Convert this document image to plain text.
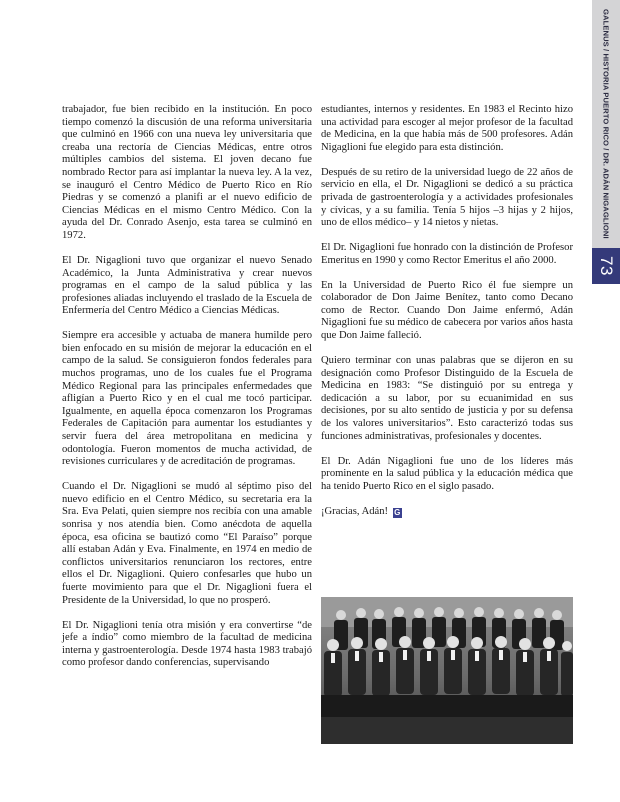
GALENUS / HISTORIA PUERTO RICO / DR. ADÁN NIGAGLIONI
73

trabajador, fue bien recibido en la institución. En poco tiempo comenzó la discusión de una reforma universitaria que culminó en 1966 con una nueva ley universitaria que creaba una rectoría de Ciencias Médicas, entre otros múltiples cambios del sistema. El joven decano fue nombrado Rector para así implantar la nueva ley. A la vez, se inauguró el Centro Médico de Puerto Rico en Río Piedras y se comenzó a planifi ar el nuevo edificio de Ciencias Médicas en el mismo Centro Médico. Con la ayuda del Dr. Conrado Asenjo, esta tarea se culminó en 1972.

El Dr. Nigaglioni tuvo que organizar el nuevo Senado Académico, la Junta Administrativa y crear nuevos programas en el campo de la salud pública y las profesiones aliadas incluyendo el traslado de la Escuela de Enfermería del Centro Médico a Ciencias Médicas.

Siempre era accesible y actuaba de manera humilde pero bien enfocado en su misión de mejorar la educación en el campo de la salud. Se consiguieron fondos federales para muchos programas, uno de los cuales fue el Programa Médico Regional para las principales enfermedades que afligían a Puerto Rico y en el cual me tocó participar. Igualmente, en aquella época comenzaron los Programas Federales de Capitación para aumentar los estudiantes y servir fuera del área metropolitana en medicina y odontología. Fueron momentos de mucha actividad, de revisiones curriculares y de acreditación de programas.

Cuando el Dr. Nigaglioni se mudó al séptimo piso del nuevo edificio en el Centro Médico, su secretaria era la Sra. Eva Pelati, quien siempre nos recibía con una amable sonrisa y nos atendía bien. Como anécdota de aquella época, esa oficina se bautizó como “El Paraíso” porque allí estaban Adán y Eva. Finalmente, en 1974 en medio de conflictos universitarios renunciaron los rectores, entre ellos el Dr. Nigaglioni. Quiero confesarles que hubo un fuerte movimiento para que el Dr. Nigaglioni fuera el Presidente de la Universidad, lo que no prosperó.

El Dr. Nigaglioni tenía otra misión y era convertirse “de jefe a índio” como miembro de la facultad de medicina interna y gastroenterología. Desde 1974 hasta 1983 trabajó como profesor dando conferencias, supervisando

estudiantes, internos y residentes. En 1983 el Recinto hizo una actividad para escoger al mejor profesor de la facultad de Medicina, en la que había más de 500 profesores. Adán Nigaglioni fue elegido para esta distinción.

Después de su retiro de la universidad luego de 22 años de servicio en ella, el Dr. Nigaglioni se dedicó a su práctica privada de gastroenterología y a actividades profesionales y cívicas, y a su familia. Tenía 5 hijos –3 hijas y 2 hijos, uno de ellos médico– y 14 nietos y nietas.

El Dr. Nigaglioni fue honrado con la distinción de Profesor Emeritus en 1990 y como Rector Emeritus el año 2000.

En la Universidad de Puerto Rico él fue siempre un colaborador de Don Jaime Benítez, tanto como Decano como de Rector. Cuando Don Jaime enfermó, Adán Nigaglioni fue su médico de cabecera por varios años hasta que Don Jaime falleció.

Quiero terminar con unas palabras que se dijeron en su designación como Profesor Distinguido de la Escuela de Medicina en 1983: “Se distinguió por su entrega y dedicación a su labor, por su ecuanimidad en sus decisiones, por su alto sentido de justicia y por su defensa de los valores universitarios”. Esto caracterizó todas sus funciones administrativas, profesionales y docentes.

El Dr. Adán Nigaglioni fue uno de los líderes más prominente en la salud pública y la educación médica que ha tenido Puerto Rico en el siglo pasado.

¡Gracias, Adán! G
